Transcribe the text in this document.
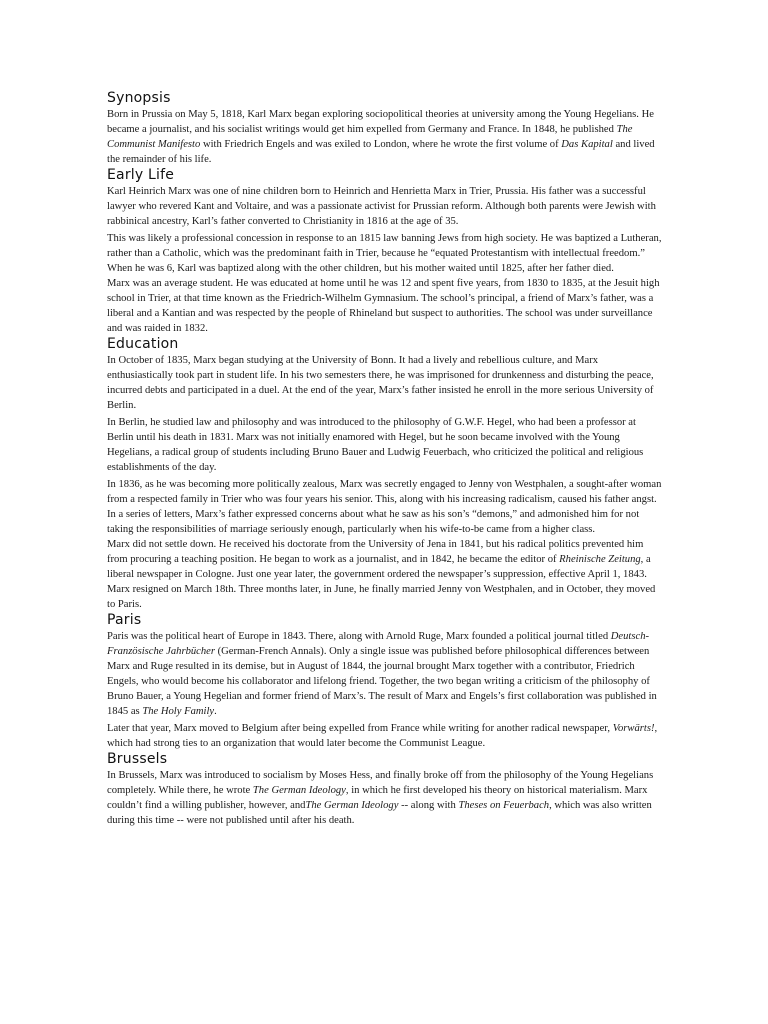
Synopsis

Born in Prussia on May 5, 1818, Karl Marx began exploring sociopolitical theories at university among the Young Hegelians. He became a journalist, and his socialist writings would get him expelled from Germany and France. In 1848, he published The Communist Manifesto with Friedrich Engels and was exiled to London, where he wrote the first volume of Das Kapital and lived the remainder of his life.

Early Life

Karl Heinrich Marx was one of nine children born to Heinrich and Henrietta Marx in Trier, Prussia. His father was a successful lawyer who revered Kant and Voltaire, and was a passionate activist for Prussian reform. Although both parents were Jewish with rabbinical ancestry, Karl’s father converted to Christianity in 1816 at the age of 35.

This was likely a professional concession in response to an 1815 law banning Jews from high society. He was baptized a Lutheran, rather than a Catholic, which was the predominant faith in Trier, because he “equated Protestantism with intellectual freedom.” When he was 6, Karl was baptized along with the other children, but his mother waited until 1825, after her father died.

Marx was an average student. He was educated at home until he was 12 and spent five years, from 1830 to 1835, at the Jesuit high school in Trier, at that time known as the Friedrich-Wilhelm Gymnasium. The school’s principal, a friend of Marx’s father, was a liberal and a Kantian and was respected by the people of Rhineland but suspect to authorities. The school was under surveillance and was raided in 1832.

Education

In October of 1835, Marx began studying at the University of Bonn. It had a lively and rebellious culture, and Marx enthusiastically took part in student life. In his two semesters there, he was imprisoned for drunkenness and disturbing the peace, incurred debts and participated in a duel. At the end of the year, Marx’s father insisted he enroll in the more serious University of Berlin.

In Berlin, he studied law and philosophy and was introduced to the philosophy of G.W.F. Hegel, who had been a professor at Berlin until his death in 1831. Marx was not initially enamored with Hegel, but he soon became involved with the Young Hegelians, a radical group of students including Bruno Bauer and Ludwig Feuerbach, who criticized the political and religious establishments of the day.

In 1836, as he was becoming more politically zealous, Marx was secretly engaged to Jenny von Westphalen, a sought-after woman from a respected family in Trier who was four years his senior. This, along with his increasing radicalism, caused his father angst. In a series of letters, Marx’s father expressed concerns about what he saw as his son’s “demons,” and admonished him for not taking the responsibilities of marriage seriously enough, particularly when his wife-to-be came from a higher class.

Marx did not settle down. He received his doctorate from the University of Jena in 1841, but his radical politics prevented him from procuring a teaching position. He began to work as a journalist, and in 1842, he became the editor of Rheinische Zeitung, a liberal newspaper in Cologne. Just one year later, the government ordered the newspaper’s suppression, effective April 1, 1843. Marx resigned on March 18th. Three months later, in June, he finally married Jenny von Westphalen, and in October, they moved to Paris.

Paris

Paris was the political heart of Europe in 1843. There, along with Arnold Ruge, Marx founded a political journal titled Deutsch-Französische Jahrbücher (German-French Annals). Only a single issue was published before philosophical differences between Marx and Ruge resulted in its demise, but in August of 1844, the journal brought Marx together with a contributor, Friedrich Engels, who would become his collaborator and lifelong friend. Together, the two began writing a criticism of the philosophy of Bruno Bauer, a Young Hegelian and former friend of Marx’s. The result of Marx and Engels’s first collaboration was published in 1845 as The Holy Family.

Later that year, Marx moved to Belgium after being expelled from France while writing for another radical newspaper, Vorwärts!, which had strong ties to an organization that would later become the Communist League.

Brussels

In Brussels, Marx was introduced to socialism by Moses Hess, and finally broke off from the philosophy of the Young Hegelians completely. While there, he wrote The German Ideology, in which he first developed his theory on historical materialism. Marx couldn’t find a willing publisher, however, andThe German Ideology -- along with Theses on Feuerbach, which was also written during this time -- were not published until after his death.
